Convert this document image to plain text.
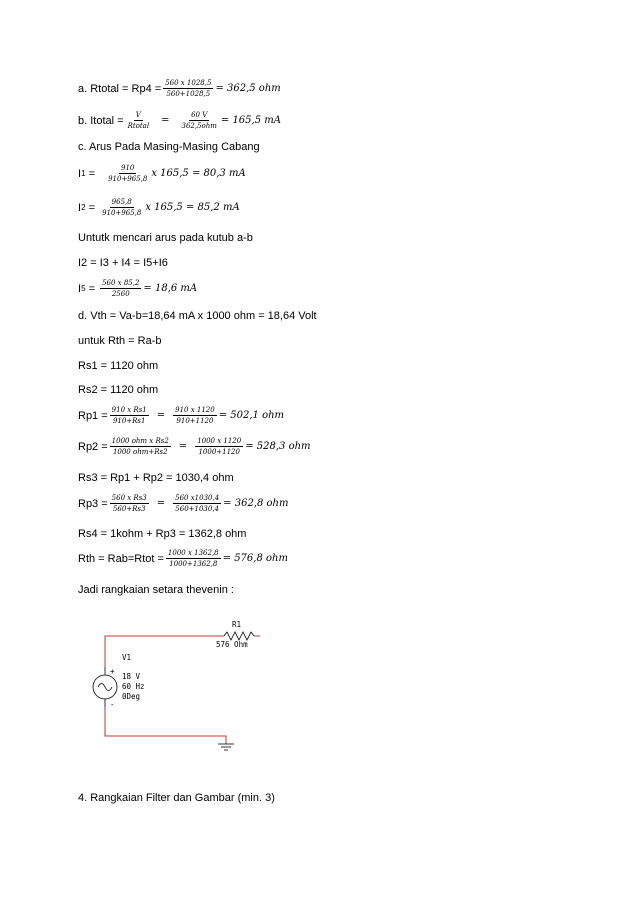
a. Rtotal = $Rp4 = \frac{560 x 1028,5}{560+1028,5} = 362,5$ ohm
b. Itotal = $\frac{V}{\text{Rtotal}} = \frac{60 V}{\text{362,5ohm}} = 165,5$ mA
c. Arus Pada Masing-Masing Cabang
I $1 = \frac{910}{910+965,8}$ x 165,5 = 80,3 mA
I $2 = \frac{965,8}{910+965,8}$ x 165,5 = 85,2 mA
Untutk mencari arus pada kutub a-b
I2 = I3 + I4 = I5+I6
I $5 = \frac{560 x 85,2}{2560} = 18,6$ mA
d. Vth = Va-b=18,64 mA x 1000 ohm = 18,64 Volt
untuk Rth = Ra-b
Rs1 = 1120 ohm
Rs2 = 1120 ohm
$Rp1 = \frac{\text{910 x Rs1}}{910+Rs1} = \frac{910 x 1120}{910+1120} = 502,1$ ohm
$Rp2 = \frac{\text{1000 ohm x Rs2}}{\text{1000 ohm+Rs2}} = \frac{1000 x 1120}{1000+1120} = 528,3$ ohm
Rs3 = Rp1 + Rp2 = 1030,4 ohm
$Rp3 = \frac{\text{560 x Rs3}}{560+Rs3} = \frac{560 x1030,4}{560+1030,4} = 362,8$ ohm
Rs4 = 1kohm + Rp3 = 1362,8 ohm
Rth = Rab=Rtot = $\frac{1000 x 1362,8}{1000+1362,8} = 576,8$ ohm
Jadi rangkaian setara thevenin :
R1
576 Ohm
V1
18 V
60 Hz
0Deg
+
-
4. Rangkaian Filter dan Gambar (min. 3)
